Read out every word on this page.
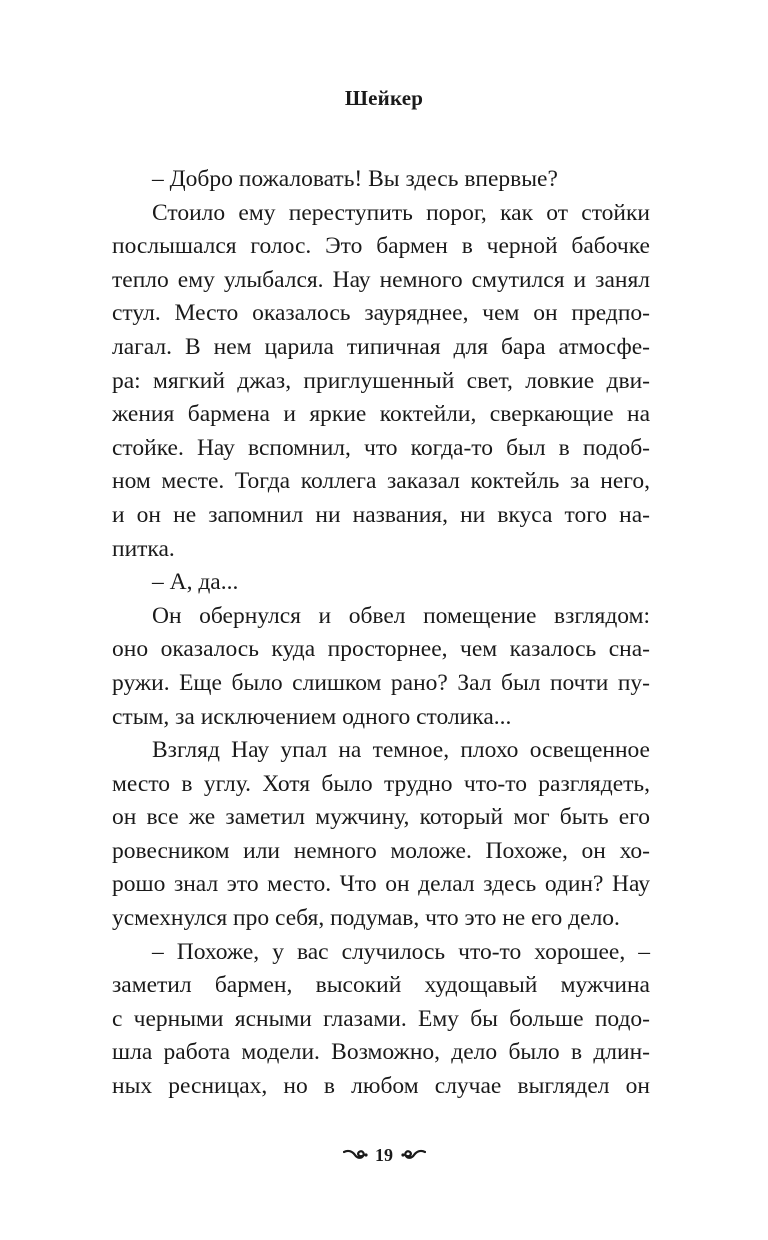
Шейкер
– Добро пожаловать! Вы здесь впервые?
Стоило ему переступить порог, как от стойки
послышался голос. Это бармен в черной бабочке
тепло ему улыбался. Нау немного смутился и занял
стул. Место оказалось зауряднее, чем он предпо-
лагал. В нем царила типичная для бара атмосфе-
ра: мягкий джаз, приглушенный свет, ловкие дви-
жения бармена и яркие коктейли, сверкающие на
стойке. Нау вспомнил, что когда-то был в подоб-
ном месте. Тогда коллега заказал коктейль за него,
и он не запомнил ни названия, ни вкуса того на-
питка.
– А, да...
Он обернулся и обвел помещение взглядом:
оно оказалось куда просторнее, чем казалось сна-
ружи. Еще было слишком рано? Зал был почти пу-
стым, за исключением одного столика...
Взгляд Нау упал на темное, плохо освещенное
место в углу. Хотя было трудно что-то разглядеть,
он все же заметил мужчину, который мог быть его
ровесником или немного моложе. Похоже, он хо-
рошо знал это место. Что он делал здесь один? Нау
усмехнулся про себя, подумав, что это не его дело.
– Похоже, у вас случилось что-то хорошее, –
заметил бармен, высокий худощавый мужчина
с черными ясными глазами. Ему бы больше подо-
шла работа модели. Возможно, дело было в длин-
ных ресницах, но в любом случае выглядел он
19
